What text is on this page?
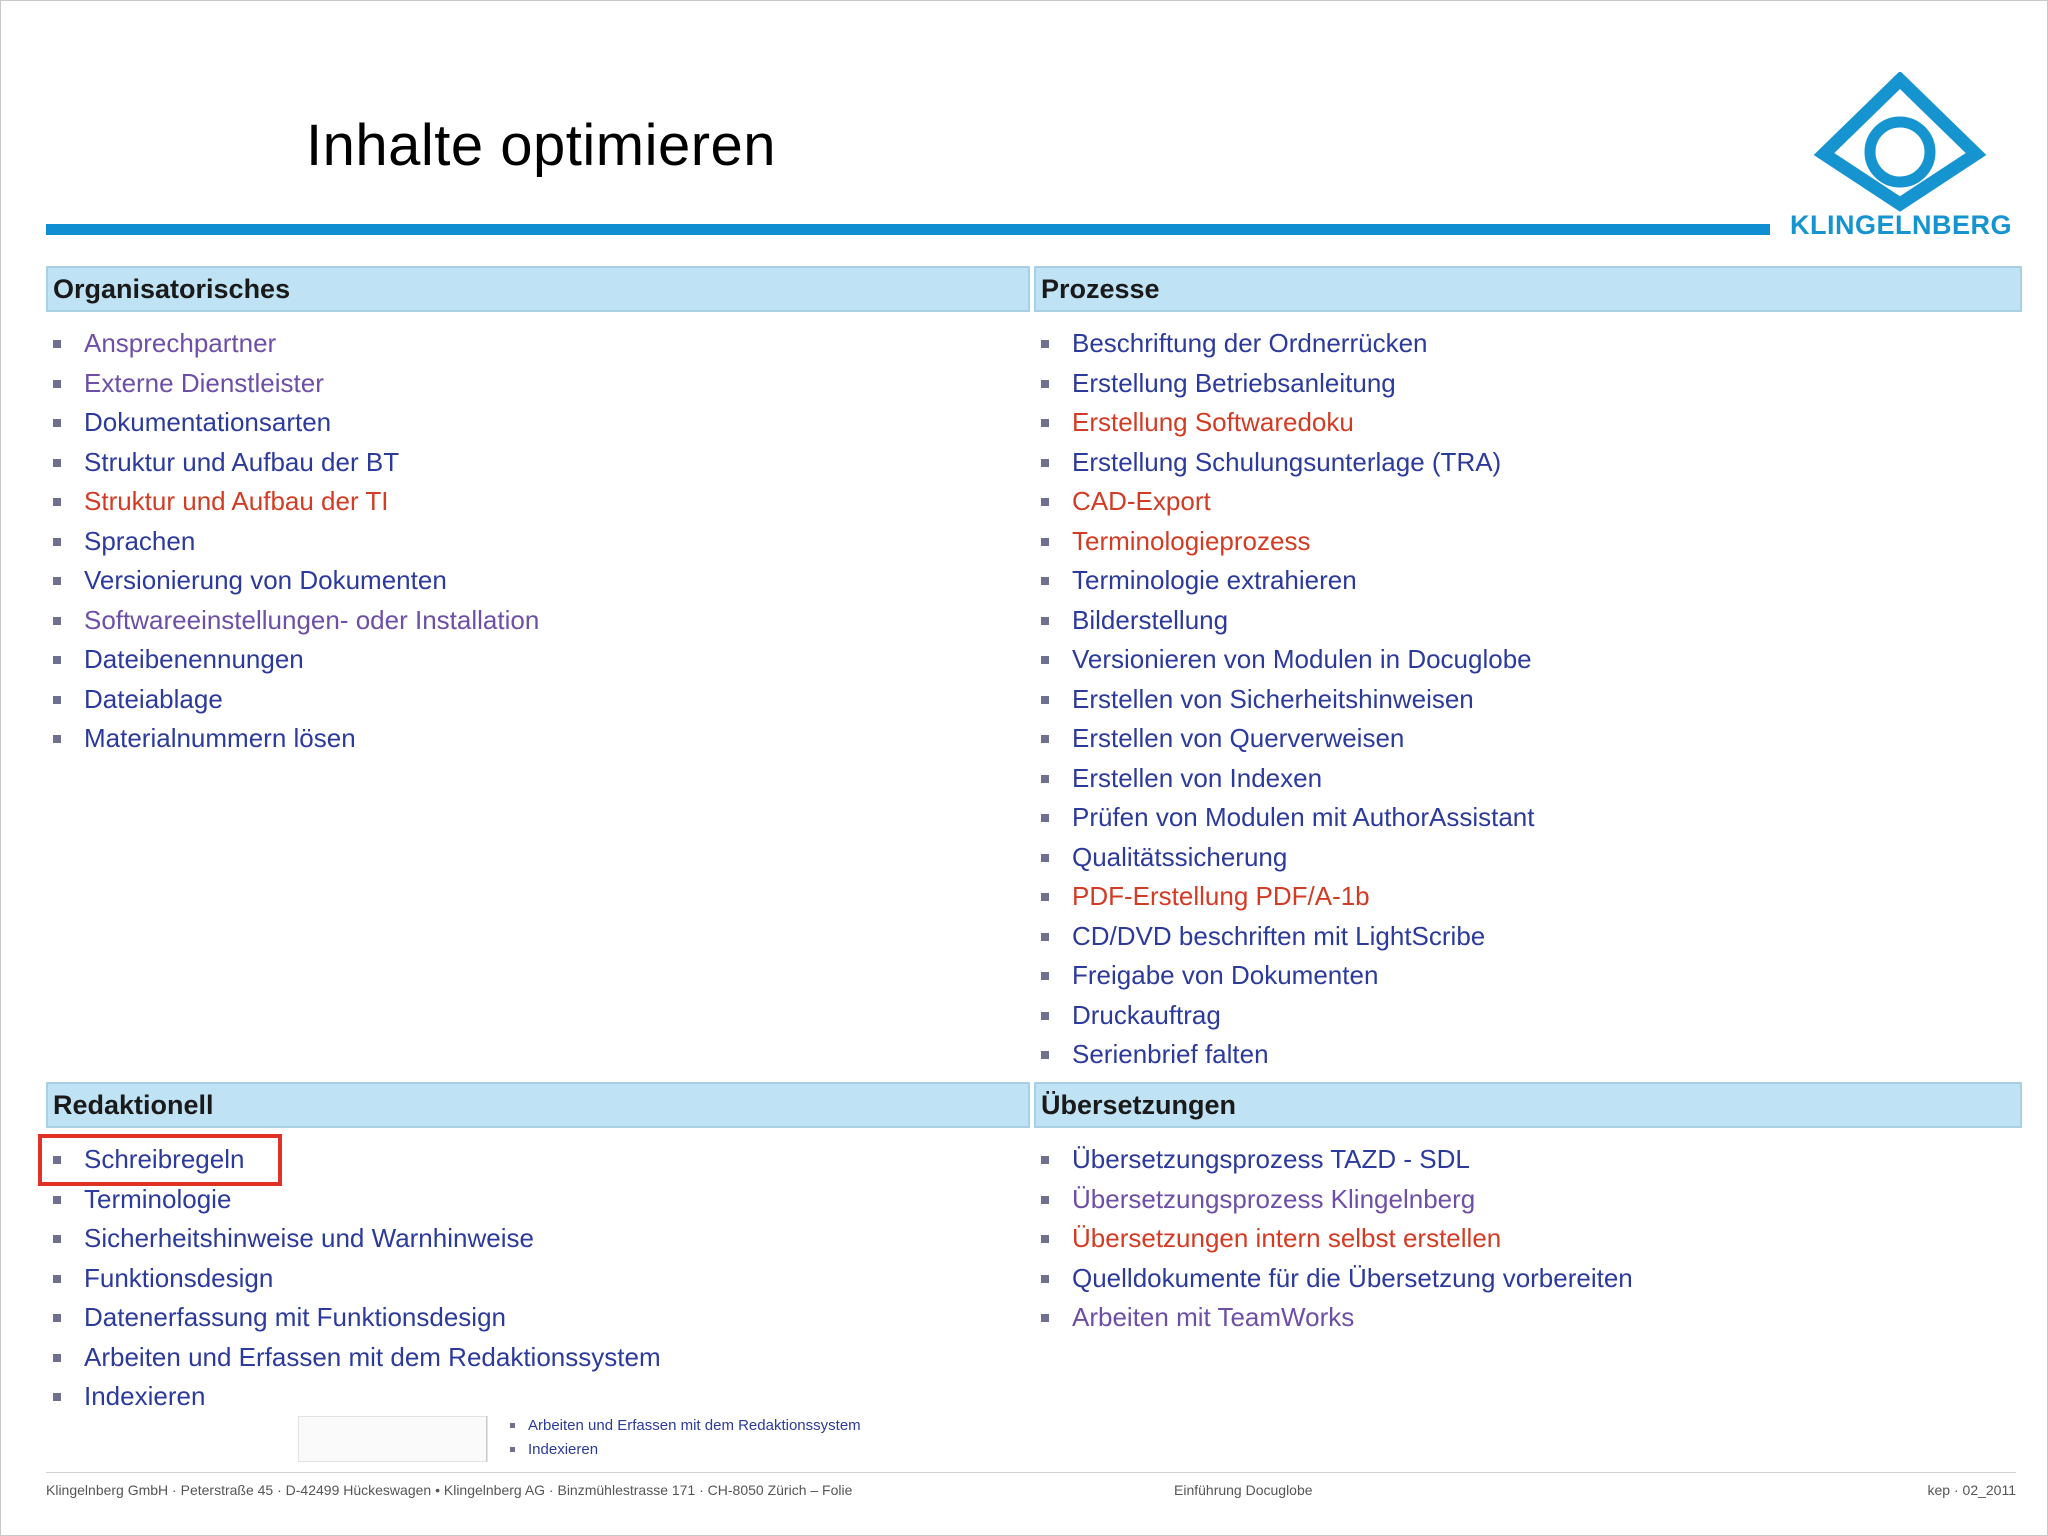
Inhalte optimieren
KLINGELNBERG
Organisatorisches	Prozesse
Redaktionell	Übersetzungen
Ansprechpartner
Externe Dienstleister
Dokumentationsarten
Struktur und Aufbau der BT
Struktur und Aufbau der TI
Sprachen
Versionierung von Dokumenten
Softwareeinstellungen- oder Installation
Dateibenennungen
Dateiablage
Materialnummern lösen
Beschriftung der Ordnerrücken
Erstellung Betriebsanleitung
Erstellung Softwaredoku
Erstellung Schulungsunterlage (TRA)
CAD-Export
Terminologieprozess
Terminologie extrahieren
Bilderstellung
Versionieren von Modulen in Docuglobe
Erstellen von Sicherheitshinweisen
Erstellen von Querverweisen
Erstellen von Indexen
Prüfen von Modulen mit AuthorAssistant
Qualitätssicherung
PDF-Erstellung PDF/A-1b
CD/DVD beschriften mit LightScribe
Freigabe von Dokumenten
Druckauftrag
Serienbrief falten
Schreibregeln
Terminologie
Sicherheitshinweise und Warnhinweise
Funktionsdesign
Datenerfassung mit Funktionsdesign
Arbeiten und Erfassen mit dem Redaktionssystem
Indexieren
Übersetzungsprozess TAZD - SDL
Übersetzungsprozess Klingelnberg
Übersetzungen intern selbst erstellen
Quelldokumente für die Übersetzung vorbereiten
Arbeiten mit TeamWorks
Arbeiten und Erfassen mit dem Redaktionssystem
Indexieren
Klingelnberg GmbH · Peterstraße 45 · D-42499 Hückeswagen • Klingelnberg AG · Binzmühlestrasse 171 · CH-8050 Zürich – Folie	Einführung Docuglobe	kep · 02_2011
